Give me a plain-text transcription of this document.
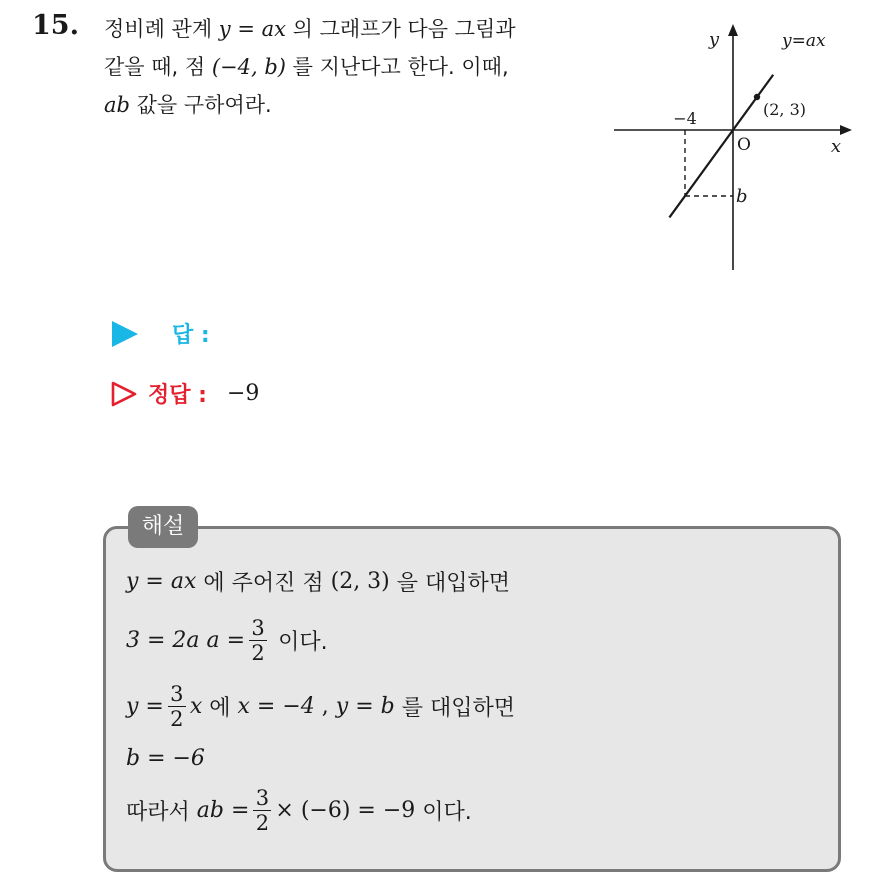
15. 정비례 관계 y = ax 의 그래프가 다음 그림과
같을 때, 점 (−4, b) 를 지난다고 한다. 이때,
ab 값을 구하여라.
y
x
O
y=ax
(2, 3)
−4
b
답 :
정답 : −9
해설
y = ax 에 주어진 점 (2, 3) 을 대입하면
3 = 2a $a = \frac{3}{2}$ 이다.
$y = \frac{3}{2}$ x 에 x = −4 , y = b 를 대입하면
b = −6
따라서 ab = $\frac{3}{2} \times (-6) = -9$ 이다.
